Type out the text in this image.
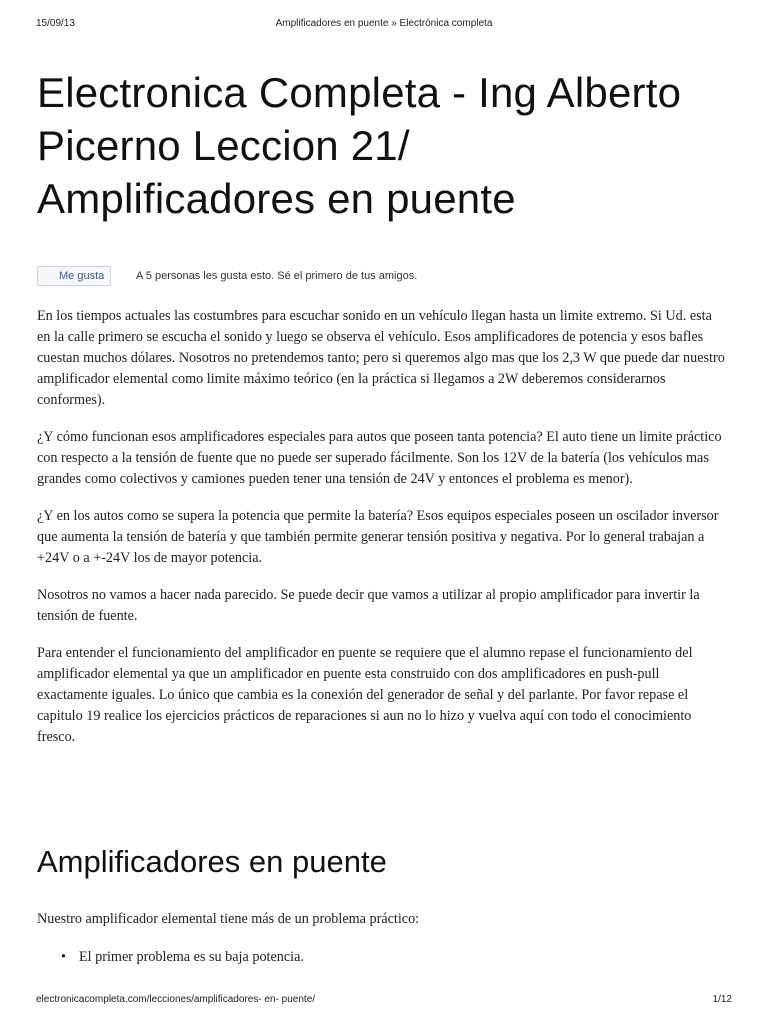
15/09/13	Amplificadores en puente » Electrónica completa
Electronica Completa - Ing Alberto Picerno Leccion 21/ Amplificadores en puente
Me gusta	A 5 personas les gusta esto. Sé el primero de tus amigos.

En los tiempos actuales las costumbres para escuchar sonido en un vehículo llegan hasta un limite extremo. Si Ud. esta en la calle primero se escucha el sonido y luego se observa el vehículo. Esos amplificadores de potencia y esos bafles cuestan muchos dólares. Nosotros no pretendemos tanto; pero si queremos algo mas que los 2,3 W que puede dar nuestro amplificador elemental como limite máximo teórico (en la práctica si llegamos a 2W deberemos considerarnos conformes).

¿Y cómo funcionan esos amplificadores especiales para autos que poseen tanta potencia? El auto tiene un limite práctico con respecto a la tensión de fuente que no puede ser superado fácilmente. Son los 12V de la batería (los vehículos mas grandes como colectivos y camiones pueden tener una tensión de 24V y entonces el problema es menor).

¿Y en los autos como se supera la potencia que permite la batería? Esos equipos especiales poseen un oscilador inversor que aumenta la tensión de batería y que también permite generar tensión positiva y negativa. Por lo general trabajan a +24V o a +-24V los de mayor potencia.

Nosotros no vamos a hacer nada parecido. Se puede decir que vamos a utilizar al propio amplificador para invertir la tensión de fuente.

Para entender el funcionamiento del amplificador en puente se requiere que el alumno repase el funcionamiento del amplificador elemental ya que un amplificador en puente esta construido con dos amplificadores en push-pull exactamente iguales. Lo único que cambia es la conexión del generador de señal y del parlante. Por favor repase el capitulo 19 realice los ejercicios prácticos de reparaciones si aun no lo hizo y vuelva aquí con todo el conocimiento fresco.

Amplificadores en puente

Nuestro amplificador elemental tiene más de un problema práctico:

• El primer problema es su baja potencia.
electronicacompleta.com/lecciones/amplificadores- en- puente/	1/12
